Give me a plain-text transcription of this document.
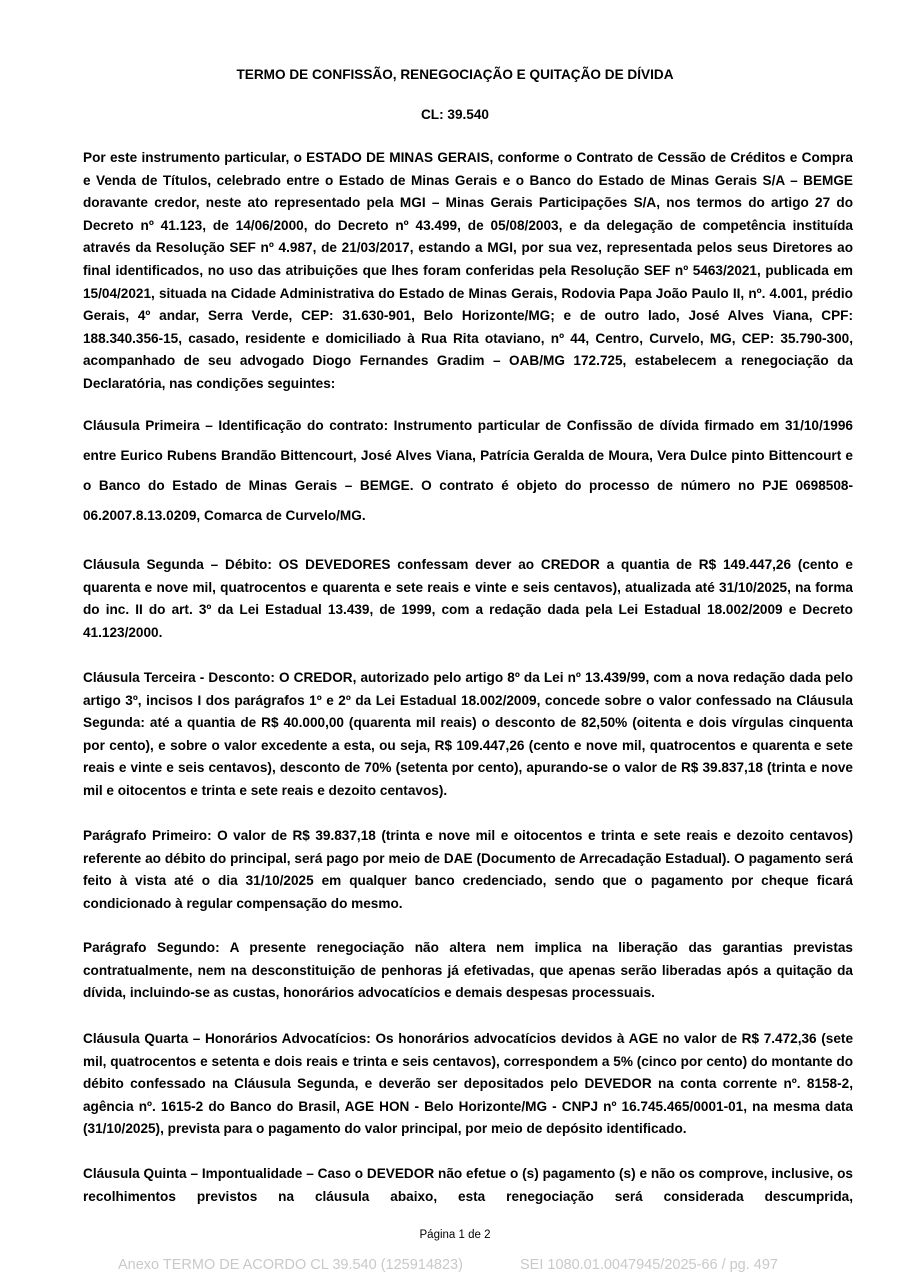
TERMO DE CONFISSÃO, RENEGOCIAÇÃO E QUITAÇÃO DE DÍVIDA
CL: 39.540

Por este instrumento particular, o ESTADO DE MINAS GERAIS, conforme o Contrato de Cessão de Créditos e Compra e Venda de Títulos, celebrado entre o Estado de Minas Gerais e o Banco do Estado de Minas Gerais S/A – BEMGE doravante credor, neste ato representado pela MGI – Minas Gerais Participações S/A, nos termos do artigo 27 do Decreto nº 41.123, de 14/06/2000, do Decreto nº 43.499, de 05/08/2003, e da delegação de competência instituída através da Resolução SEF nº 4.987, de 21/03/2017, estando a MGI, por sua vez, representada pelos seus Diretores ao final identificados, no uso das atribuições que lhes foram conferidas pela Resolução SEF nº 5463/2021, publicada em 15/04/2021, situada na Cidade Administrativa do Estado de Minas Gerais, Rodovia Papa João Paulo II, nº. 4.001, prédio Gerais, 4º andar, Serra Verde, CEP: 31.630-901, Belo Horizonte/MG; e de outro lado, José Alves Viana, CPF: 188.340.356-15, casado, residente e domiciliado à Rua Rita otaviano, nº 44, Centro, Curvelo, MG, CEP: 35.790-300, acompanhado de seu advogado Diogo Fernandes Gradim – OAB/MG 172.725, estabelecem a renegociação da Declaratória, nas condições seguintes:

Cláusula Primeira – Identificação do contrato: Instrumento particular de Confissão de dívida firmado em 31/10/1996 entre Eurico Rubens Brandão Bittencourt, José Alves Viana, Patrícia Geralda de Moura, Vera Dulce pinto Bittencourt e o Banco do Estado de Minas Gerais – BEMGE. O contrato é objeto do processo de número no PJE 0698508-06.2007.8.13.0209, Comarca de Curvelo/MG.

Cláusula Segunda – Débito: OS DEVEDORES confessam dever ao CREDOR a quantia de R$ 149.447,26 (cento e quarenta e nove mil, quatrocentos e quarenta e sete reais e vinte e seis centavos), atualizada até 31/10/2025, na forma do inc. II do art. 3º da Lei Estadual 13.439, de 1999, com a redação dada pela Lei Estadual 18.002/2009 e Decreto 41.123/2000.

Cláusula Terceira - Desconto: O CREDOR, autorizado pelo artigo 8º da Lei nº 13.439/99, com a nova redação dada pelo artigo 3º, incisos I dos parágrafos 1º e 2º da Lei Estadual 18.002/2009, concede sobre o valor confessado na Cláusula Segunda: até a quantia de R$ 40.000,00 (quarenta mil reais) o desconto de 82,50% (oitenta e dois vírgulas cinquenta por cento), e sobre o valor excedente a esta, ou seja, R$ 109.447,26 (cento e nove mil, quatrocentos e quarenta e sete reais e vinte e seis centavos), desconto de 70% (setenta por cento), apurando-se o valor de R$ 39.837,18 (trinta e nove mil e oitocentos e trinta e sete reais e dezoito centavos).

Parágrafo Primeiro: O valor de R$ 39.837,18 (trinta e nove mil e oitocentos e trinta e sete reais e dezoito centavos) referente ao débito do principal, será pago por meio de DAE (Documento de Arrecadação Estadual). O pagamento será feito à vista até o dia 31/10/2025 em qualquer banco credenciado, sendo que o pagamento por cheque ficará condicionado à regular compensação do mesmo.

Parágrafo Segundo: A presente renegociação não altera nem implica na liberação das garantias previstas contratualmente, nem na desconstituição de penhoras já efetivadas, que apenas serão liberadas após a quitação da dívida, incluindo-se as custas, honorários advocatícios e demais despesas processuais.

Cláusula Quarta – Honorários Advocatícios: Os honorários advocatícios devidos à AGE no valor de R$ 7.472,36 (sete mil, quatrocentos e setenta e dois reais e trinta e seis centavos), correspondem a 5% (cinco por cento) do montante do débito confessado na Cláusula Segunda, e deverão ser depositados pelo DEVEDOR na conta corrente nº. 8158-2, agência nº. 1615-2 do Banco do Brasil, AGE HON - Belo Horizonte/MG - CNPJ nº 16.745.465/0001-01, na mesma data (31/10/2025), prevista para o pagamento do valor principal, por meio de depósito identificado.

Cláusula Quinta – Impontualidade – Caso o DEVEDOR não efetue o (s) pagamento (s) e não os comprove, inclusive, os recolhimentos previstos na cláusula abaixo, esta renegociação será considerada descumprida,

Página 1 de 2
Anexo TERMO DE ACORDO CL 39.540 (125914823)	SEI 1080.01.0047945/2025-66 / pg. 497
